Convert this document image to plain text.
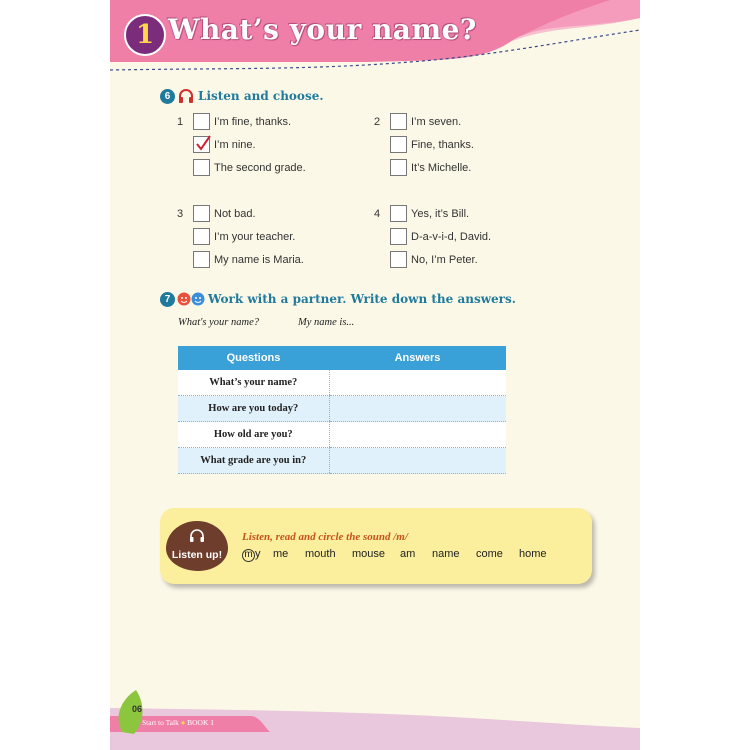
1 What’s your name?
6	Listen and choose.
1	I’m fine, thanks.
I’m nine.
The second grade.
2	I’m seven.
Fine, thanks.
It’s Michelle.
3	Not bad.
I’m your teacher.
My name is Maria.
4	Yes, it’s Bill.
D-a-v-i-d, David.
No, I’m Peter.
7	Work with a partner. Write down the answers.
What's your name?	My name is...
Questions	Answers
What’s your name?	
How are you today?	
How old are you?	
What grade are you in?	
Listen up!
Listen, read and circle the sound /m/
m y me mouth mouse am name come home
06
Start to Talk ● BOOK 1
